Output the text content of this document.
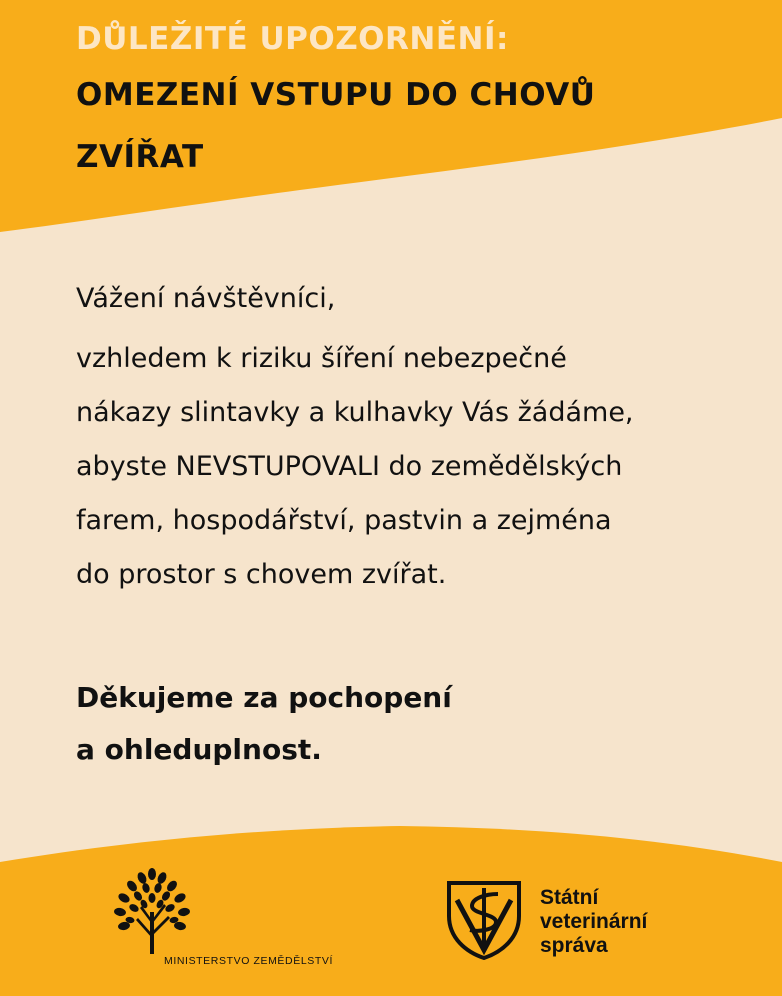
DŮLEŽITÉ UPOZORNĚNÍ:

OMEZENÍ VSTUPU DO CHOVŮ

ZVÍŘAT

Vážení návštěvníci,

vzhledem k riziku šíření nebezpečné

nákazy slintavky a kulhavky Vás žádáme,

abyste NEVSTUPOVALI do zemědělských

farem, hospodářství, pastvin a zejména

do prostor s chovem zvířat.

Děkujeme za pochopení

a ohleduplnost.

MINISTERSTVO ZEMĚDĚLSTVÍ

Státní

veterinární

správa
